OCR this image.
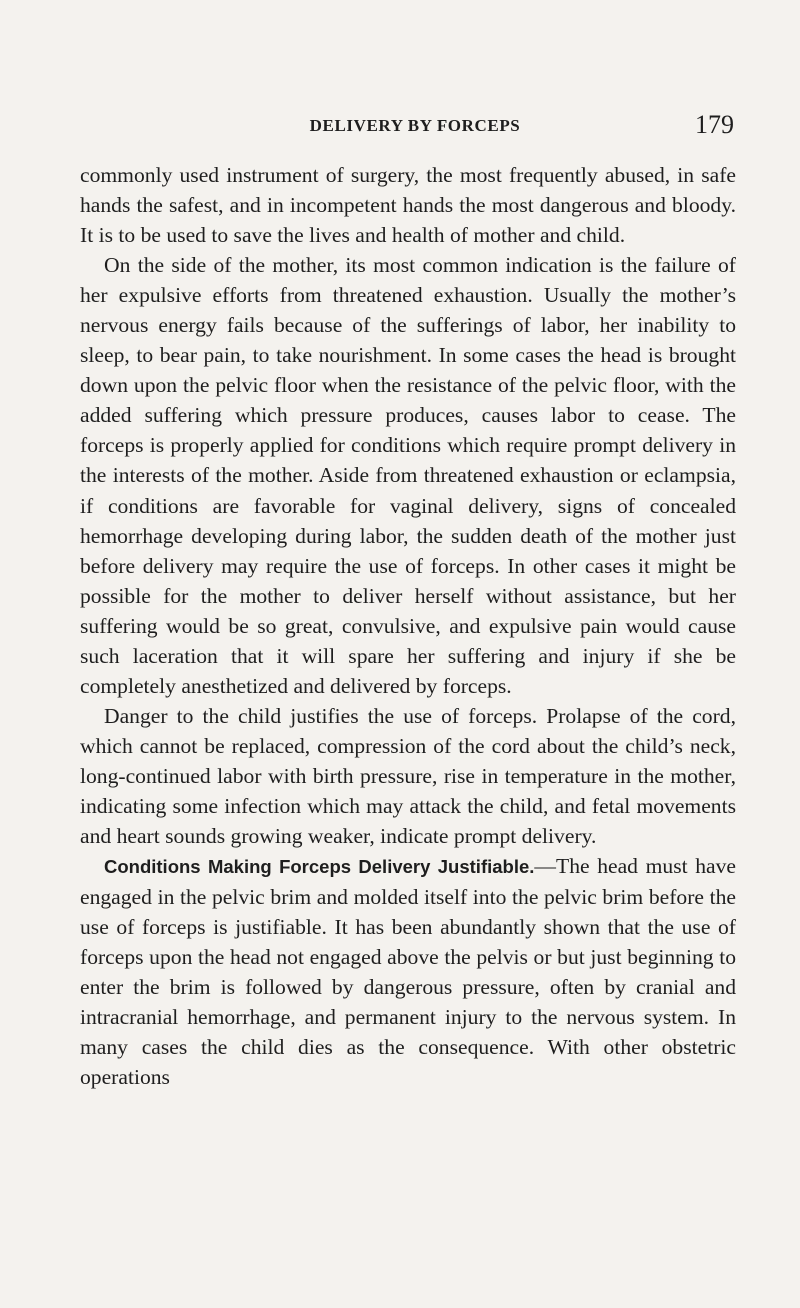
DELIVERY BY FORCEPS	179

commonly used instrument of surgery, the most frequently abused, in safe hands the safest, and in incompetent hands the most dangerous and bloody. It is to be used to save the lives and health of mother and child.

On the side of the mother, its most common indication is the failure of her expulsive efforts from threatened exhaustion. Usually the mother’s nervous energy fails because of the sufferings of labor, her inability to sleep, to bear pain, to take nourishment. In some cases the head is brought down upon the pelvic floor when the resistance of the pelvic floor, with the added suffering which pressure produces, causes labor to cease. The forceps is properly applied for conditions which require prompt delivery in the interests of the mother. Aside from threatened exhaustion or eclampsia, if conditions are favorable for vaginal delivery, signs of concealed hemorrhage developing during labor, the sudden death of the mother just before delivery may require the use of forceps. In other cases it might be possible for the mother to deliver herself without assistance, but her suffering would be so great, convulsive, and expulsive pain would cause such laceration that it will spare her suffering and injury if she be completely anesthetized and delivered by forceps.

Danger to the child justifies the use of forceps. Prolapse of the cord, which cannot be replaced, compression of the cord about the child’s neck, long-continued labor with birth pressure, rise in temperature in the mother, indicating some infection which may attack the child, and fetal movements and heart sounds growing weaker, indicate prompt delivery.

Conditions Making Forceps Delivery Justifiable.—The head must have engaged in the pelvic brim and molded itself into the pelvic brim before the use of forceps is justifiable. It has been abundantly shown that the use of forceps upon the head not engaged above the pelvis or but just beginning to enter the brim is followed by dangerous pressure, often by cranial and intracranial hemorrhage, and permanent injury to the nervous system. In many cases the child dies as the consequence. With other obstetric operations
